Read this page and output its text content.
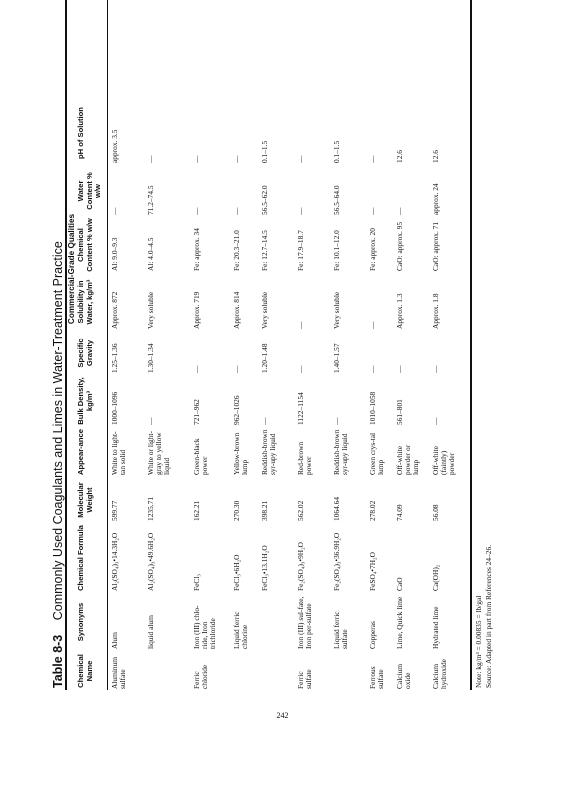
Table 8-3 Commonly Used Coagulants and Limes in Water-Treatment Practice Commercial-Grade Qualities
Chemical Name
Synonyms
Chemical Formula
Molecular Weight
Appear-ance
Bulk Density, kg/m³
Specific Gravity
Solubility in Water, kg/m³
Chemical Content % w/w
Water Content % w/w
pH of Solution
Aluminum sulfate
Alum
Al₂(SO₄)₃•14.3H₂O
599.77
White to light-tan solid
1000–1096
1.25–1.36
Approx. 872
Al: 9.0–9.3
—
approx. 3.5
liquid alum
Al₂(SO₄)₃•49.6H₂O
1235.71
White or light- gray to yellow liquid
—
1.30–1.34
Very soluble
Al: 4.0–4.5
71.2–74.5
—
Ferric chloride
Iron (III) chlo-ride, Iron trichloride
FeCl₃
162.21
Green-black power
721–962
—
Approx. 719
Fe: approx. 34
—
—
Liquid ferric chlorine
FeCl₃•6H₂O
270.30
Yellow-brown lump
962–1026
—
Approx. 814
Fe: 20.3–21.0
—
—
FeCl₃•13.1H₂O
398.21
Reddish-brown syr-upy liquid
—
1.20–1.48
Very soluble
Fe: 12.7–14.5
56.5–62.0
0.1–1.5
Ferric sulfate
Iron (III) sul-fate, Iron per-sulfate
Fe₂(SO₄)₃•9H₂O
562.02
Red-brown power
1122–1154
—
—
Fe: 17.9–18.7
—
—
Liquid ferric sulfate
Fe₂(SO₄)₃•36.9H₂O
1064.64
Reddish-brown syr-upy liquid
—
1.40–1.57
Very soluble
Fe: 10.1–12.0
56.5–64.0
0.1–1.5
Ferrous sulfate
Copperas
FeSO₄•7H₂O
278.02
Green crys-tal lump
1010–1058
—
—
Fe: approx. 20
—
—
Calcium oxide
Lime, Quick lime
CaO
74.09
Off-white powder or lump
561–801
—
Approx. 1.3
CaO: approx. 95
—
12.6
Calcium hydroxide
Hydrated lime
Ca(OH)₂
56.08
Off-white (faintly) powder
—
—
Approx. 1.8
CaO: approx. 71
approx. 24
12.6
Note: kg/m³ = 0.00835 = lb/gal Source: Adapted in part from References 24–26.
242
